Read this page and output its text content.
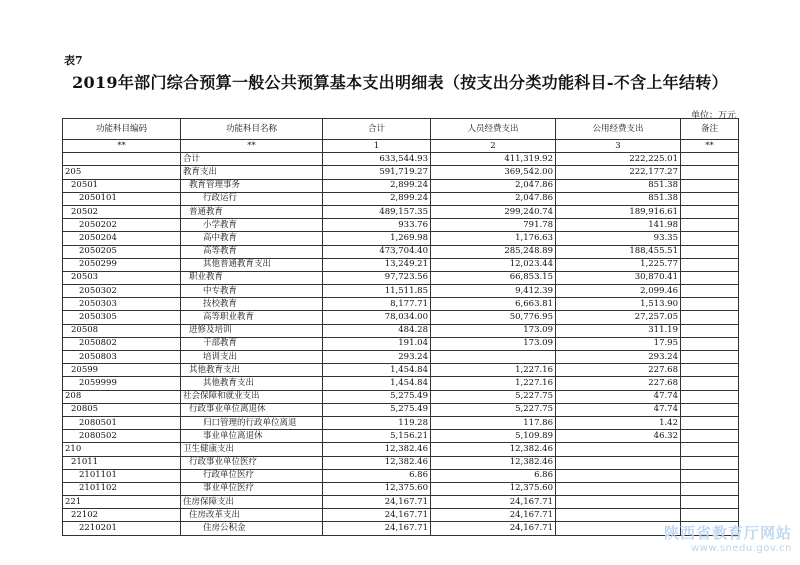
表7
2019年部门综合预算一般公共预算基本支出明细表（按支出分类功能科目-不含上年结转）
单位：万元
功能科目编码	功能科目名称	合计	人员经费支出	公用经费支出	备注
**	**	1	2	3	**
	合计	633,544.93	411,319.92	222,225.01	
205	教育支出	591,719.27	369,542.00	222,177.27	
20501	教育管理事务	2,899.24	2,047.86	851.38	
2050101	行政运行	2,899.24	2,047.86	851.38	
20502	普通教育	489,157.35	299,240.74	189,916.61	
2050202	小学教育	933.76	791.78	141.98	
2050204	高中教育	1,269.98	1,176.63	93.35	
2050205	高等教育	473,704.40	285,248.89	188,455.51	
2050299	其他普通教育支出	13,249.21	12,023.44	1,225.77	
20503	职业教育	97,723.56	66,853.15	30,870.41	
2050302	中专教育	11,511.85	9,412.39	2,099.46	
2050303	技校教育	8,177.71	6,663.81	1,513.90	
2050305	高等职业教育	78,034.00	50,776.95	27,257.05	
20508	进修及培训	484.28	173.09	311.19	
2050802	干部教育	191.04	173.09	17.95	
2050803	培训支出	293.24		293.24	
20599	其他教育支出	1,454.84	1,227.16	227.68	
2059999	其他教育支出	1,454.84	1,227.16	227.68	
208	社会保障和就业支出	5,275.49	5,227.75	47.74	
20805	行政事业单位离退休	5,275.49	5,227.75	47.74	
2080501	归口管理的行政单位离退	119.28	117.86	1.42	
2080502	事业单位离退休	5,156.21	5,109.89	46.32	
210	卫生健康支出	12,382.46	12,382.46		
21011	行政事业单位医疗	12,382.46	12,382.46		
2101101	行政单位医疗	6.86	6.86		
2101102	事业单位医疗	12,375.60	12,375.60		
221	住房保障支出	24,167.71	24,167.71		
22102	住房改革支出	24,167.71	24,167.71		
2210201	住房公积金	24,167.71	24,167.71			陕西省教育厅网站
www.snedu.gov.cn
